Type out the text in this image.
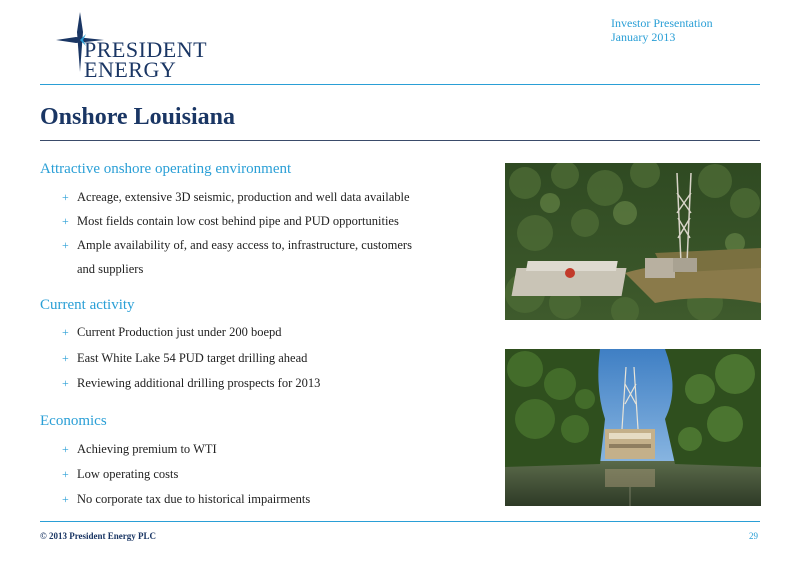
PRESIDENT
ENERGY
Investor Presentation
January 2013
Onshore Louisiana
Attractive onshore operating environment
+ Acreage, extensive 3D seismic, production and well data available
+ Most fields contain low cost behind pipe and PUD opportunities
+ Ample availability of, and easy access to, infrastructure, customers
and suppliers
Current activity
+ Current Production just under 200 boepd
+ East White Lake 54 PUD target drilling ahead
+ Reviewing additional drilling prospects for 2013
Economics
+ Achieving premium to WTI
+ Low operating costs
+ No corporate tax due to historical impairments
© 2013 President Energy PLC	29
